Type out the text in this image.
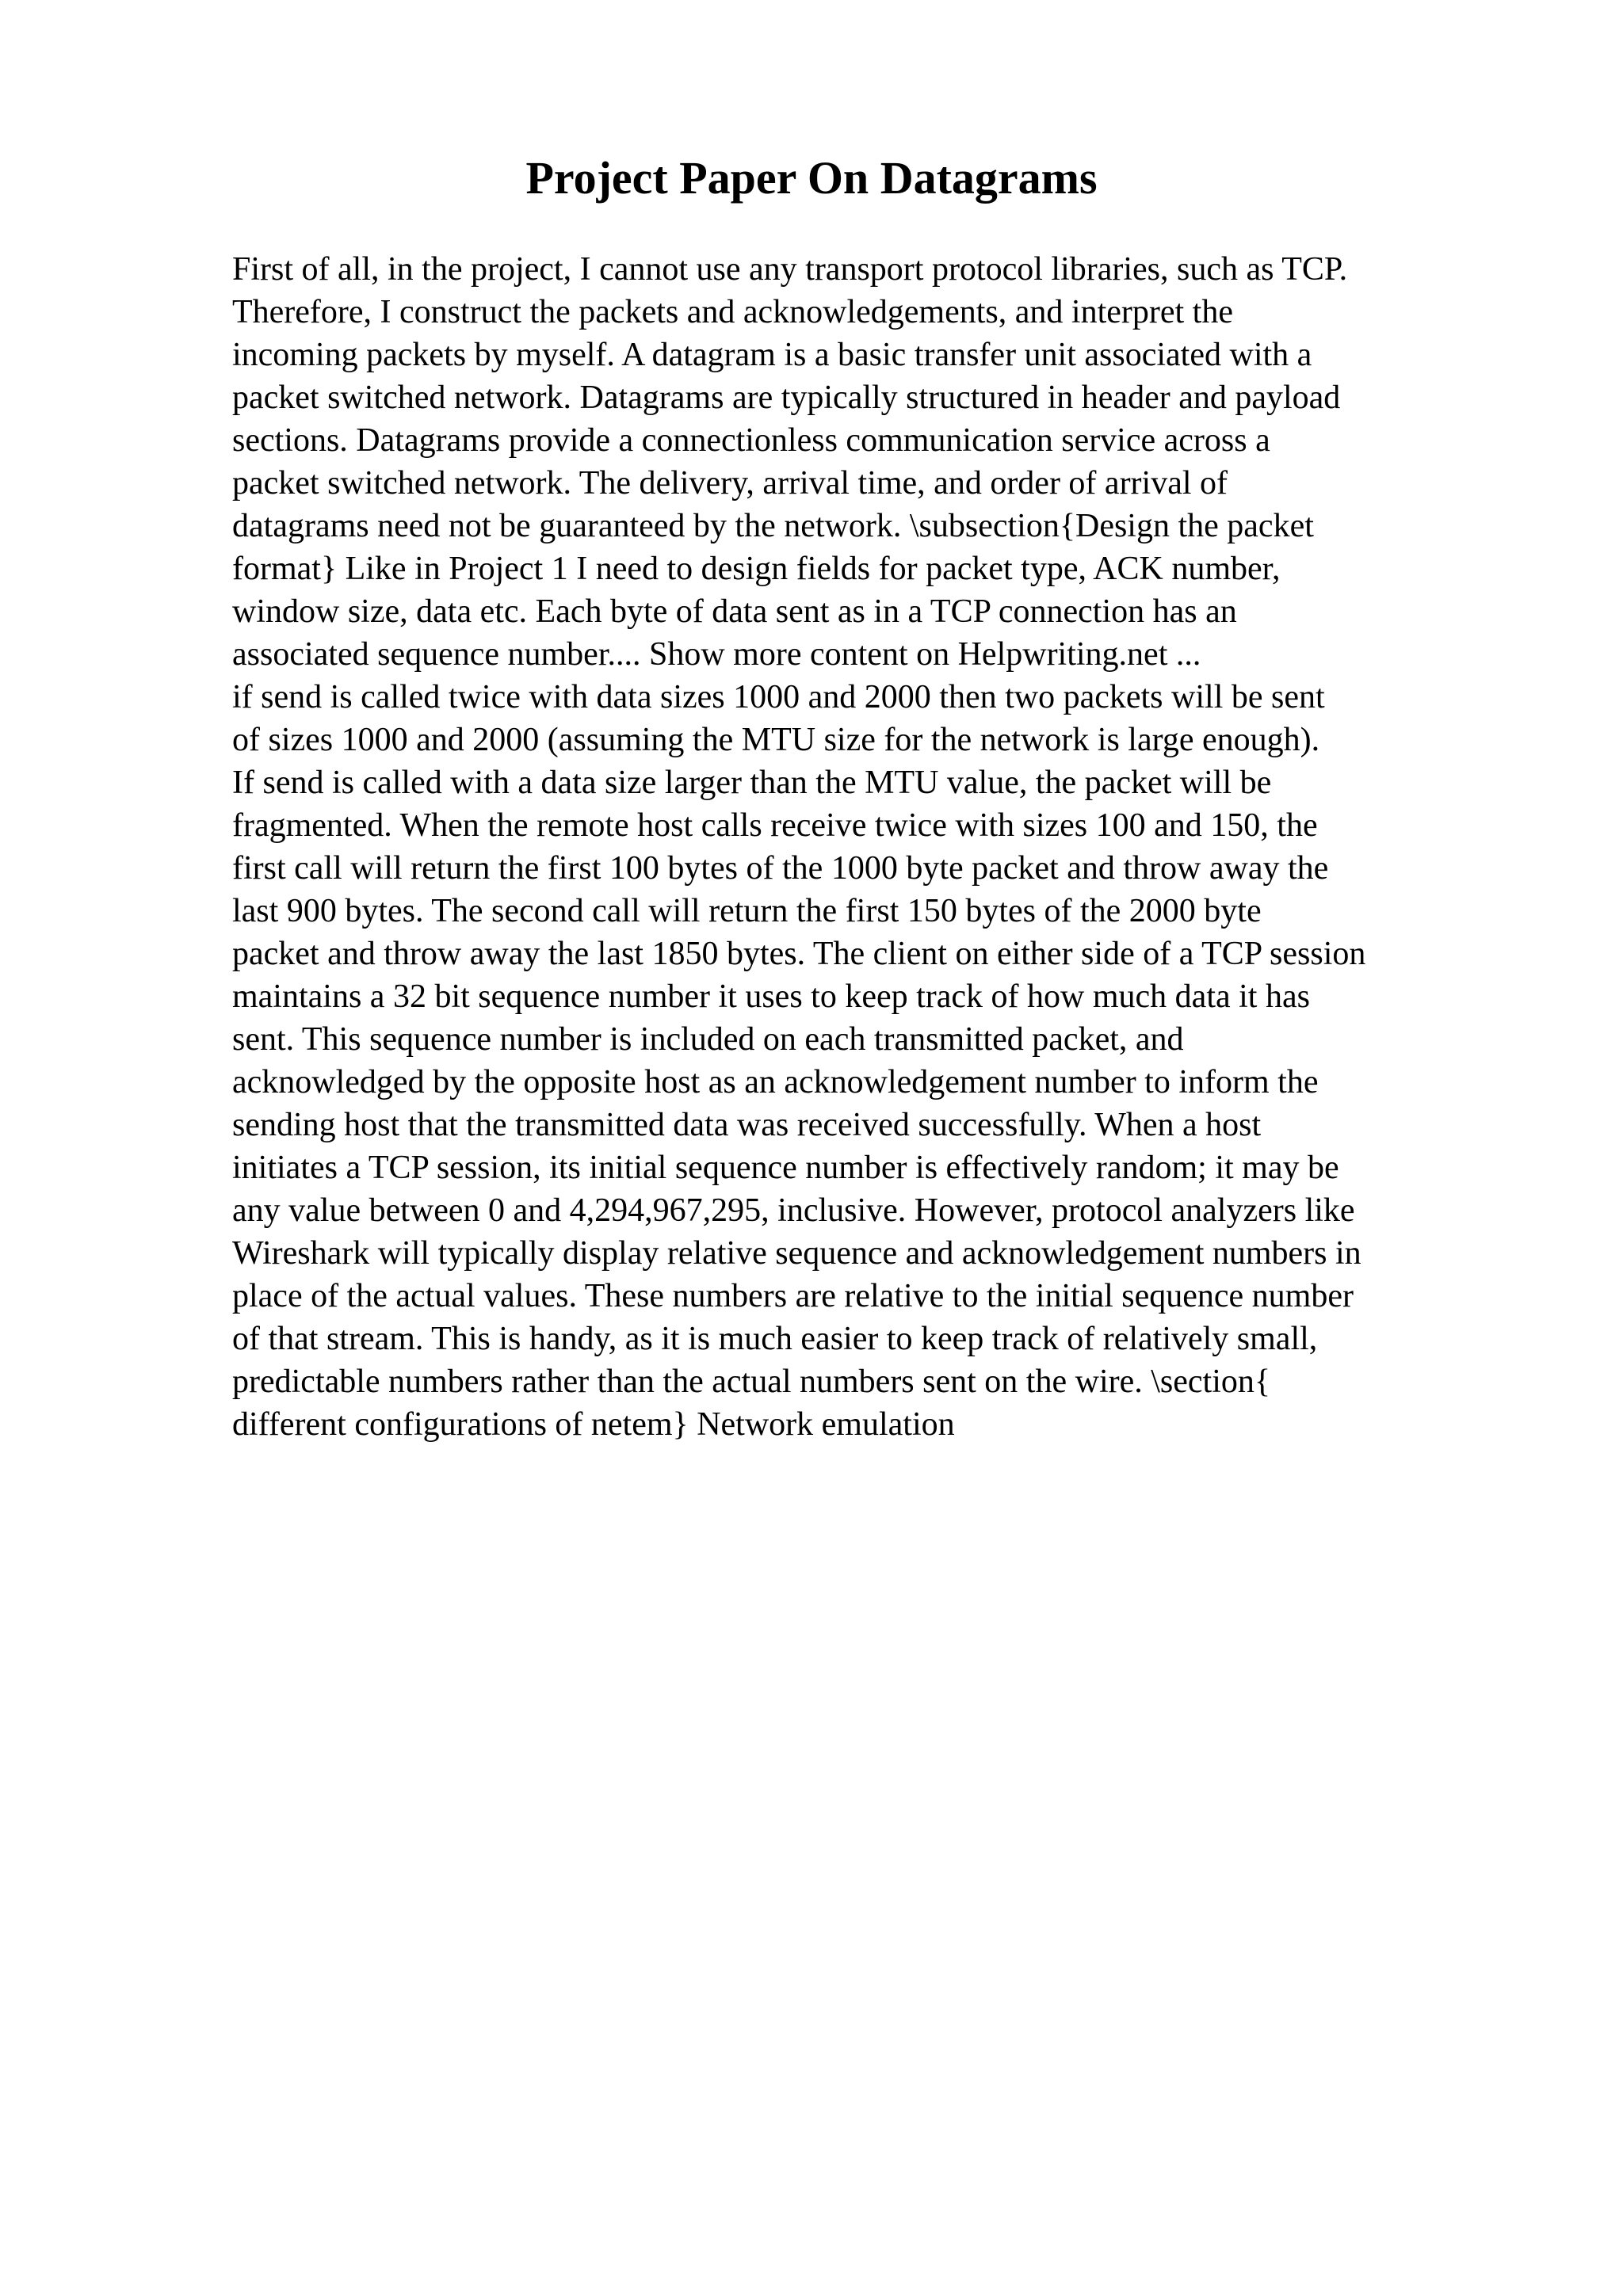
Project Paper On Datagrams
First of all, in the project, I cannot use any transport protocol libraries, such as TCP.
Therefore, I construct the packets and acknowledgements, and interpret the
incoming packets by myself. A datagram is a basic transfer unit associated with a
packet switched network. Datagrams are typically structured in header and payload
sections. Datagrams provide a connectionless communication service across a
packet switched network. The delivery, arrival time, and order of arrival of
datagrams need not be guaranteed by the network. \subsection{Design the packet
format} Like in Project 1 I need to design fields for packet type, ACK number,
window size, data etc. Each byte of data sent as in a TCP connection has an
associated sequence number.... Show more content on Helpwriting.net ...
if send is called twice with data sizes 1000 and 2000 then two packets will be sent
of sizes 1000 and 2000 (assuming the MTU size for the network is large enough).
If send is called with a data size larger than the MTU value, the packet will be
fragmented. When the remote host calls receive twice with sizes 100 and 150, the
first call will return the first 100 bytes of the 1000 byte packet and throw away the
last 900 bytes. The second call will return the first 150 bytes of the 2000 byte
packet and throw away the last 1850 bytes. The client on either side of a TCP session
maintains a 32 bit sequence number it uses to keep track of how much data it has
sent. This sequence number is included on each transmitted packet, and
acknowledged by the opposite host as an acknowledgement number to inform the
sending host that the transmitted data was received successfully. When a host
initiates a TCP session, its initial sequence number is effectively random; it may be
any value between 0 and 4,294,967,295, inclusive. However, protocol analyzers like
Wireshark will typically display relative sequence and acknowledgement numbers in
place of the actual values. These numbers are relative to the initial sequence number
of that stream. This is handy, as it is much easier to keep track of relatively small,
predictable numbers rather than the actual numbers sent on the wire. \section{
different configurations of netem} Network emulation
